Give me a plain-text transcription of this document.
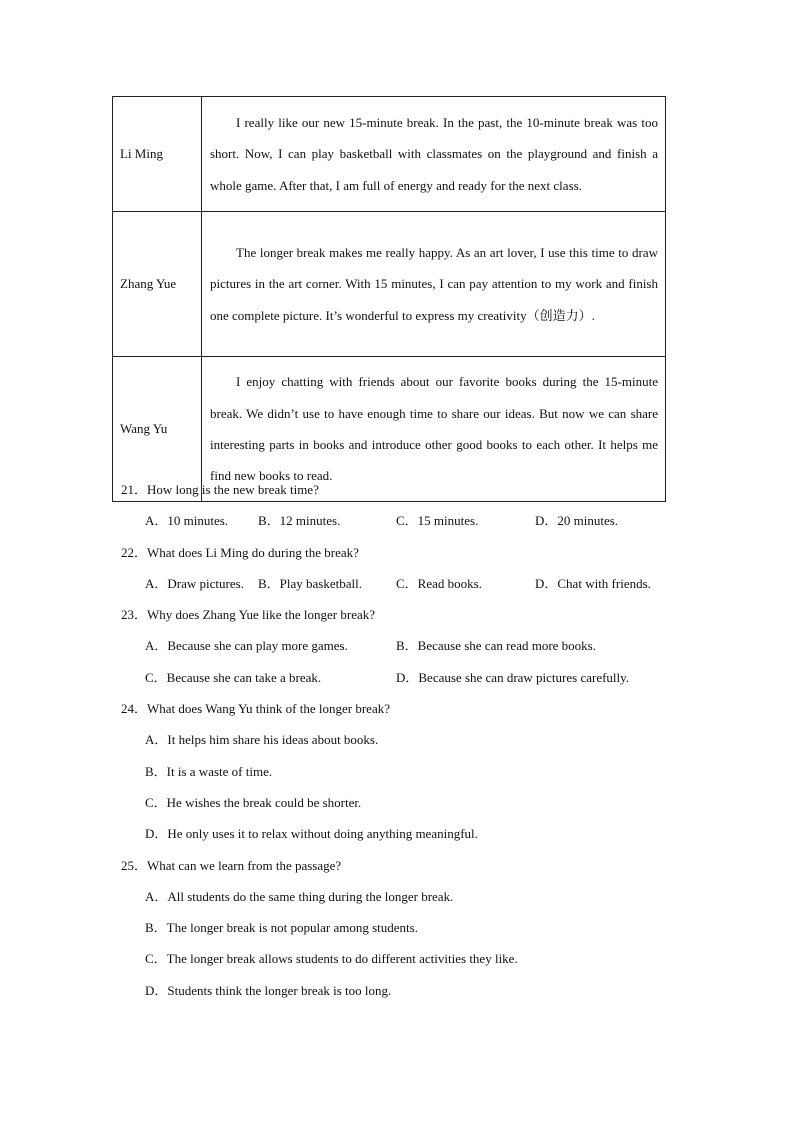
Li Ming	I really like our new 15-minute break. In the past, the 10-minute break was too short. Now, I can play basketball with classmates on the playground and finish a whole game. After that, I am full of energy and ready for the next class.

Zhang Yue	The longer break makes me really happy. As an art lover, I use this time to draw pictures in the art corner. With 15 minutes, I can pay attention to my work and finish one complete picture. It’s wonderful to express my creativity（创造力）.

Wang Yu	I enjoy chatting with friends about our favorite books during the 15-minute break. We didn’t use to have enough time to share our ideas. But now we can share interesting parts in books and introduce other good books to each other. It helps me find new books to read.

21．How long is the new break time?
A．10 minutes. B．12 minutes.	C．15 minutes.	D．20 minutes.
22．What does Li Ming do during the break?
A．Draw pictures. B．Play basketball.	C．Read books.	D．Chat with friends.
23．Why does Zhang Yue like the longer break?
A．Because she can play more games.	B．Because she can read more books.
C．Because she can take a break.	D．Because she can draw pictures carefully.
24．What does Wang Yu think of the longer break?
A．It helps him share his ideas about books.
B．It is a waste of time.
C．He wishes the break could be shorter.
D．He only uses it to relax without doing anything meaningful.
25．What can we learn from the passage?
A．All students do the same thing during the longer break.
B．The longer break is not popular among students.
C．The longer break allows students to do different activities they like.
D．Students think the longer break is too long.
